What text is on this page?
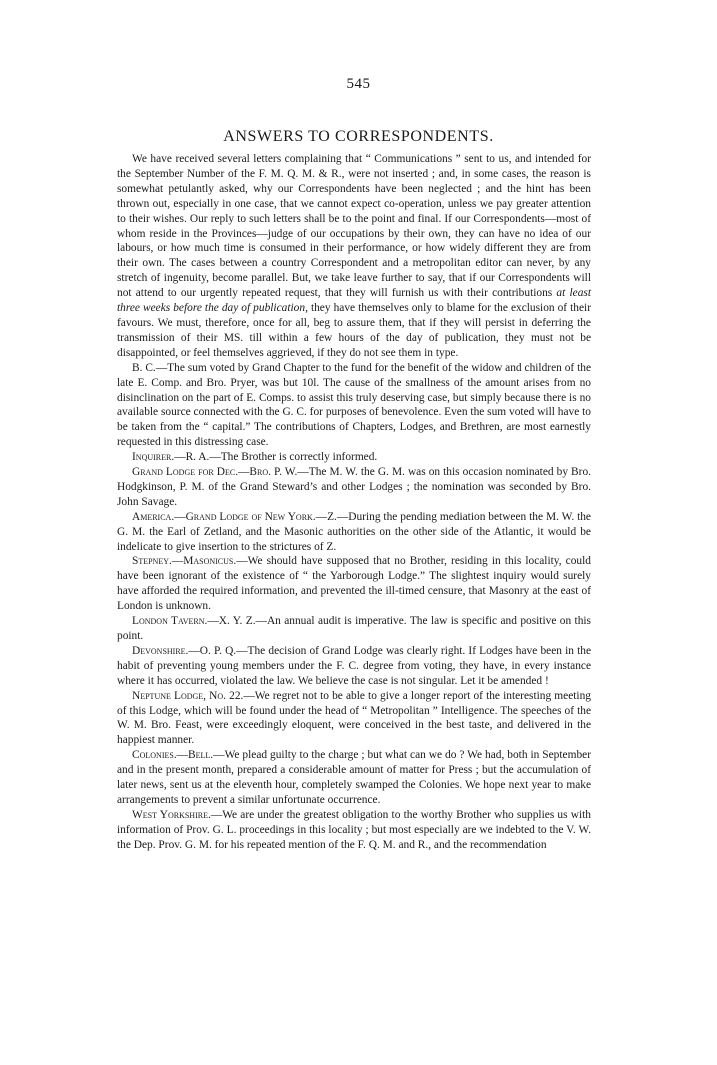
545
ANSWERS TO CORRESPONDENTS.

We have received several letters complaining that “ Communications ” sent to us, and intended for the September Number of the F. M. Q. M. & R., were not inserted ; and, in some cases, the reason is somewhat petulantly asked, why our Correspondents have been neglected ; and the hint has been thrown out, especially in one case, that we cannot expect co-operation, unless we pay greater attention to their wishes. Our reply to such letters shall be to the point and final. If our Correspondents—most of whom reside in the Provinces—judge of our occupations by their own, they can have no idea of our labours, or how much time is consumed in their performance, or how widely different they are from their own. The cases between a country Correspondent and a metropolitan editor can never, by any stretch of ingenuity, become parallel. But, we take leave further to say, that if our Correspondents will not attend to our urgently repeated request, that they will furnish us with their contributions at least three weeks before the day of publication, they have themselves only to blame for the exclusion of their favours. We must, therefore, once for all, beg to assure them, that if they will persist in deferring the transmission of their MS. till within a few hours of the day of publication, they must not be disappointed, or feel themselves aggrieved, if they do not see them in type.

B. C.—The sum voted by Grand Chapter to the fund for the benefit of the widow and children of the late E. Comp. and Bro. Pryer, was but 10l. The cause of the smallness of the amount arises from no disinclination on the part of E. Comps. to assist this truly deserving case, but simply because there is no available source connected with the G. C. for purposes of benevolence. Even the sum voted will have to be taken from the “ capital.” The contributions of Chapters, Lodges, and Brethren, are most earnestly requested in this distressing case.

Inquirer.—R. A.—The Brother is correctly informed.

Grand Lodge for Dec.—Bro. P. W.—The M. W. the G. M. was on this occasion nominated by Bro. Hodgkinson, P. M. of the Grand Steward’s and other Lodges ; the nomination was seconded by Bro. John Savage.

America.—Grand Lodge of New York.—Z.—During the pending mediation between the M. W. the G. M. the Earl of Zetland, and the Masonic authorities on the other side of the Atlantic, it would be indelicate to give insertion to the strictures of Z.

Stepney.—Masonicus.—We should have supposed that no Brother, residing in this locality, could have been ignorant of the existence of “ the Yarborough Lodge.” The slightest inquiry would surely have afforded the required information, and prevented the ill-timed censure, that Masonry at the east of London is unknown.

London Tavern.—X. Y. Z.—An annual audit is imperative. The law is specific and positive on this point.

Devonshire.—O. P. Q.—The decision of Grand Lodge was clearly right. If Lodges have been in the habit of preventing young members under the F. C. degree from voting, they have, in every instance where it has occurred, violated the law. We believe the case is not singular. Let it be amended !

Neptune Lodge, No. 22.—We regret not to be able to give a longer report of the interesting meeting of this Lodge, which will be found under the head of “ Metropolitan ” Intelligence. The speeches of the W. M. Bro. Feast, were exceedingly eloquent, were conceived in the best taste, and delivered in the happiest manner.

Colonies.—Bell.—We plead guilty to the charge ; but what can we do ? We had, both in September and in the present month, prepared a considerable amount of matter for Press ; but the accumulation of later news, sent us at the eleventh hour, completely swamped the Colonies. We hope next year to make arrangements to prevent a similar unfortunate occurrence.

West Yorkshire.—We are under the greatest obligation to the worthy Brother who supplies us with information of Prov. G. L. proceedings in this locality ; but most especially are we indebted to the V. W. the Dep. Prov. G. M. for his repeated mention of the F. Q. M. and R., and the recommendation
